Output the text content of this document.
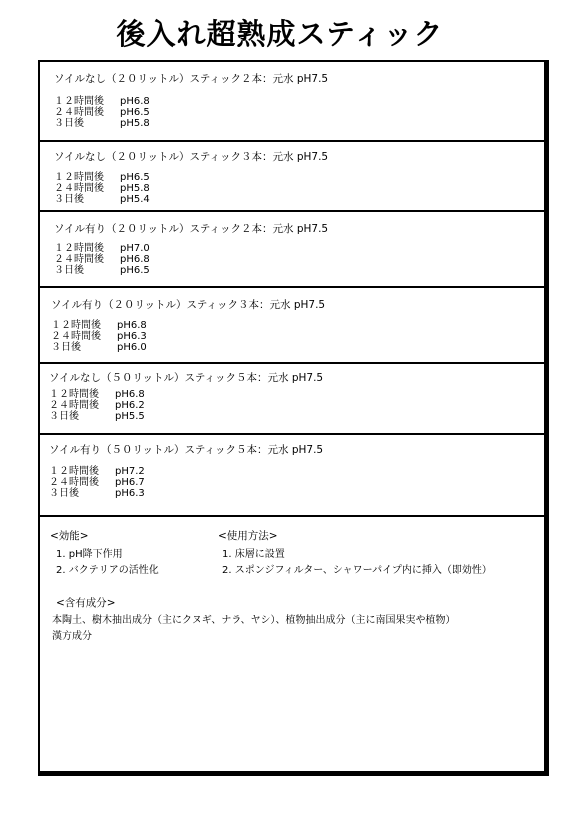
後入れ超熟成スティック
ソイルなし（２０リットル）スティック２本：元水 pH7.5
１２時間後	pH6.8
２４時間後	pH6.5
３日後	pH5.8
ソイルなし（２０リットル）スティック３本：元水 pH7.5
１２時間後	pH6.5
２４時間後	pH5.8
３日後	pH5.4
ソイル有り（２０リットル）スティック２本：元水 pH7.5
１２時間後	pH7.0
２４時間後	pH6.8
３日後	pH6.5
ソイル有り（２０リットル）スティック３本：元水 pH7.5
１２時間後	pH6.8
２４時間後	pH6.3
３日後	pH6.0
ソイルなし（５０リットル）スティック５本：元水 pH7.5
１２時間後	pH6.8
２４時間後	pH6.2
３日後	pH5.5
ソイル有り（５０リットル）スティック５本：元水 pH7.5
１２時間後	pH7.2
２４時間後	pH6.7
３日後	pH6.3
<効能>
1. pH降下作用
2. バクテリアの活性化
<使用方法>
1. 床層に設置
2. スポンジフィルター、シャワーパイプ内に挿入（即効性）
<含有成分>
本陶土、樹木抽出成分（主にクヌギ、ナラ、ヤシ）、植物抽出成分（主に南国果実や植物）
漢方成分
